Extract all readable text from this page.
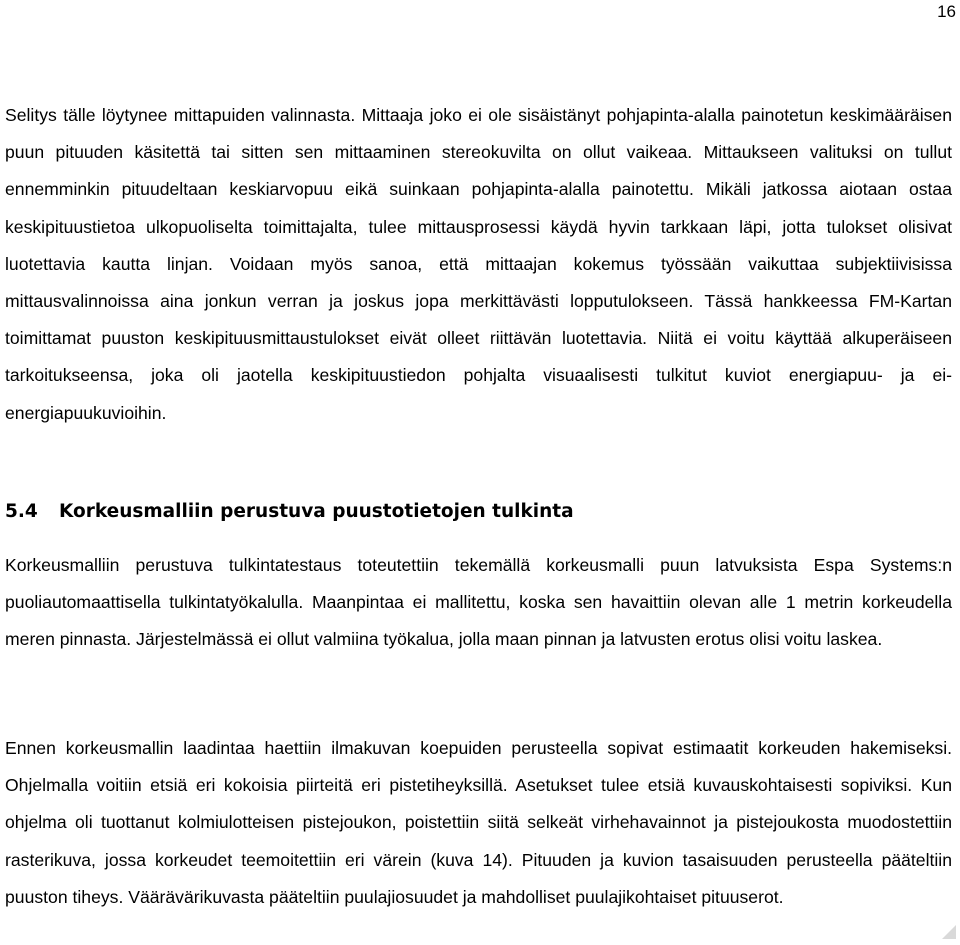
16

Selitys tälle löytynee mittapuiden valinnasta. Mittaaja joko ei ole sisäistänyt pohjapinta-alalla painotetun keskimääräisen puun pituuden käsitettä tai sitten sen mittaaminen stereokuvilta on ollut vaikeaa. Mittaukseen valituksi on tullut ennemminkin pituudeltaan keskiarvopuu eikä suinkaan pohjapinta-alalla painotettu. Mikäli jatkossa aiotaan ostaa keskipituustietoa ulkopuoliselta toimittajalta, tulee mittausprosessi käydä hyvin tarkkaan läpi, jotta tulokset olisivat luotettavia kautta linjan. Voidaan myös sanoa, että mittaajan kokemus työssään vaikuttaa subjektiivisissa mittausvalinnoissa aina jonkun verran ja joskus jopa merkittävästi lopputulokseen. Tässä hankkeessa FM-Kartan toimittamat puuston keskipituusmittaustulokset eivät olleet riittävän luotettavia. Niitä ei voitu käyttää alkuperäiseen tarkoitukseensa, joka oli jaotella keskipituustiedon pohjalta visuaalisesti tulkitut kuviot energiapuu- ja ei-energiapuukuvioihin.

5.4 Korkeusmalliin perustuva puustotietojen tulkinta

Korkeusmalliin perustuva tulkintatestaus toteutettiin tekemällä korkeusmalli puun latvuksista Espa Systems:n puoliautomaattisella tulkintatyökalulla. Maanpintaa ei mallitettu, koska sen havaittiin olevan alle 1 metrin korkeudella meren pinnasta. Järjestelmässä ei ollut valmiina työkalua, jolla maan pinnan ja latvusten erotus olisi voitu laskea.

Ennen korkeusmallin laadintaa haettiin ilmakuvan koepuiden perusteella sopivat estimaatit korkeuden hakemiseksi. Ohjelmalla voitiin etsiä eri kokoisia piirteitä eri pistetiheyksillä. Asetukset tulee etsiä kuvauskohtaisesti sopiviksi. Kun ohjelma oli tuottanut kolmiulotteisen pistejoukon, poistettiin siitä selkeät virhehavainnot ja pistejoukosta muodostettiin rasterikuva, jossa korkeudet teemoitettiin eri värein (kuva 14). Pituuden ja kuvion tasaisuuden perusteella pääteltiin puuston tiheys. Väärävärikuvasta pääteltiin puulajiosuudet ja mahdolliset puulajikohtaiset pituuserot.
